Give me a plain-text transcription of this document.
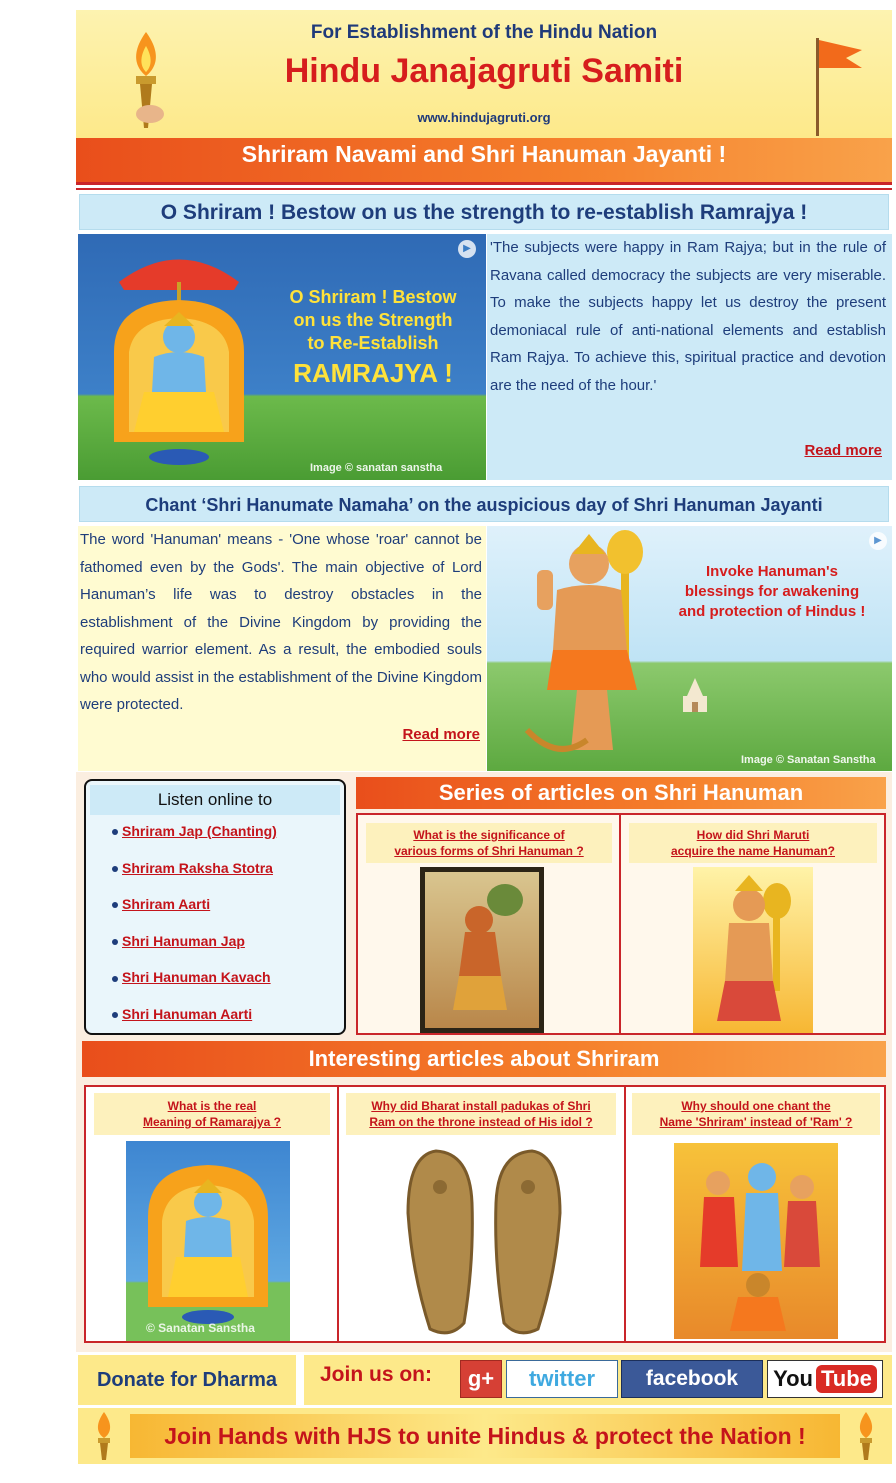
For Establishment of the Hindu Nation
Hindu Janajagruti Samiti
www.hindujagruti.org
Shriram Navami and Shri Hanuman Jayanti !
O Shriram ! Bestow on us the strength to re-establish Ramrajya !
O Shriram ! Bestow
on us the Strength
to Re-Establish
RAMRAJYA !
▶
Image © sanatan sanstha
'The subjects were happy in Ram Rajya; but in the rule of Ravana called democracy the subjects are very miserable. To make the subjects happy let us destroy the present demoniacal rule of anti-national elements and establish Ram Rajya. To achieve this, spiritual practice and devotion are the need of the hour.'
Read more
Chant ‘Shri Hanumate Namaha’ on the auspicious day of Shri Hanuman Jayanti
The word 'Hanuman' means - 'One whose 'roar' cannot be fathomed even by the Gods'. The main objective of Lord Hanuman’s life was to destroy obstacles in the establishment of the Divine Kingdom by providing the required warrior element. As a result, the embodied souls who would assist in the establishment of the Divine Kingdom were protected.
Read more
Invoke Hanuman's
blessings for awakening
and protection of Hindus !
▶
Image © Sanatan Sanstha
Listen online to
Shriram Jap (Chanting)
Shriram Raksha Stotra
Shriram Aarti
Shri Hanuman Jap
Shri Hanuman Kavach
Shri Hanuman Aarti
Series of articles on Shri Hanuman
What is the significance of
various forms of Shri Hanuman ?
How did Shri Maruti
acquire the name Hanuman?
Interesting articles about Shriram
What is the real
Meaning of Ramarajya ?
© Sanatan Sanstha
Why did Bharat install padukas of Shri
Ram on the throne instead of His idol ?
Why should one chant the
Name 'Shriram' instead of 'Ram' ?
Donate for Dharma	Join us on:	g+	twitter	facebook	You Tube
Join Hands with HJS to unite Hindus & protect the Nation !
